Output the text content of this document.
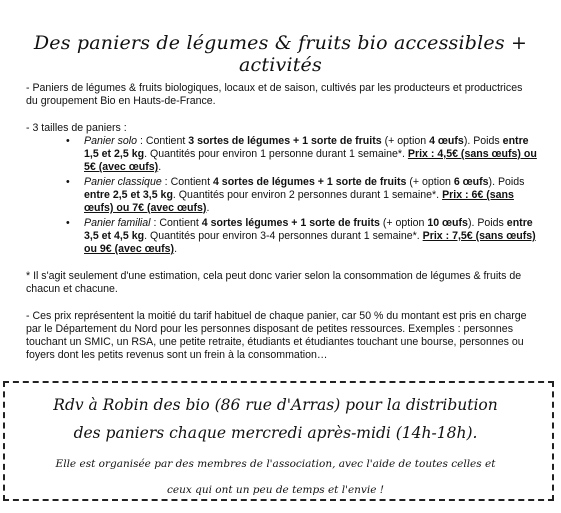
Des paniers de légumes & fruits bio accessibles + activités
- Paniers de légumes & fruits biologiques, locaux et de saison, cultivés par les producteurs et productrices du groupement Bio en Hauts-de-France.
- 3 tailles de paniers :
• Panier solo : Contient 3 sortes de légumes + 1 sorte de fruits (+ option 4 œufs). Poids entre 1,5 et 2,5 kg. Quantités pour environ 1 personne durant 1 semaine*. Prix : 4,5€ (sans œufs) ou 5€ (avec œufs).
• Panier classique : Contient 4 sortes de légumes + 1 sorte de fruits (+ option 6 œufs). Poids entre 2,5 et 3,5 kg. Quantités pour environ 2 personnes durant 1 semaine*. Prix : 6€ (sans œufs) ou 7€ (avec œufs).
• Panier familial : Contient 4 sortes légumes + 1 sorte de fruits (+ option 10 œufs). Poids entre 3,5 et 4,5 kg. Quantités pour environ 3-4 personnes durant 1 semaine*. Prix : 7,5€ (sans œufs) ou 9€ (avec œufs).
* Il s'agit seulement d'une estimation, cela peut donc varier selon la consommation de légumes & fruits de chacun et chacune.
- Ces prix représentent la moitié du tarif habituel de chaque panier, car 50 % du montant est pris en charge par le Département du Nord pour les personnes disposant de petites ressources. Exemples : personnes touchant un SMIC, un RSA, une petite retraite, étudiants et étudiantes touchant une bourse, personnes ou foyers dont les petits revenus sont un frein à la consommation…
Rdv à Robin des bio (86 rue d'Arras) pour la distribution
des paniers chaque mercredi après-midi (14h-18h).
Elle est organisée par des membres de l'association, avec l'aide de toutes celles et
ceux qui ont un peu de temps et l'envie !
